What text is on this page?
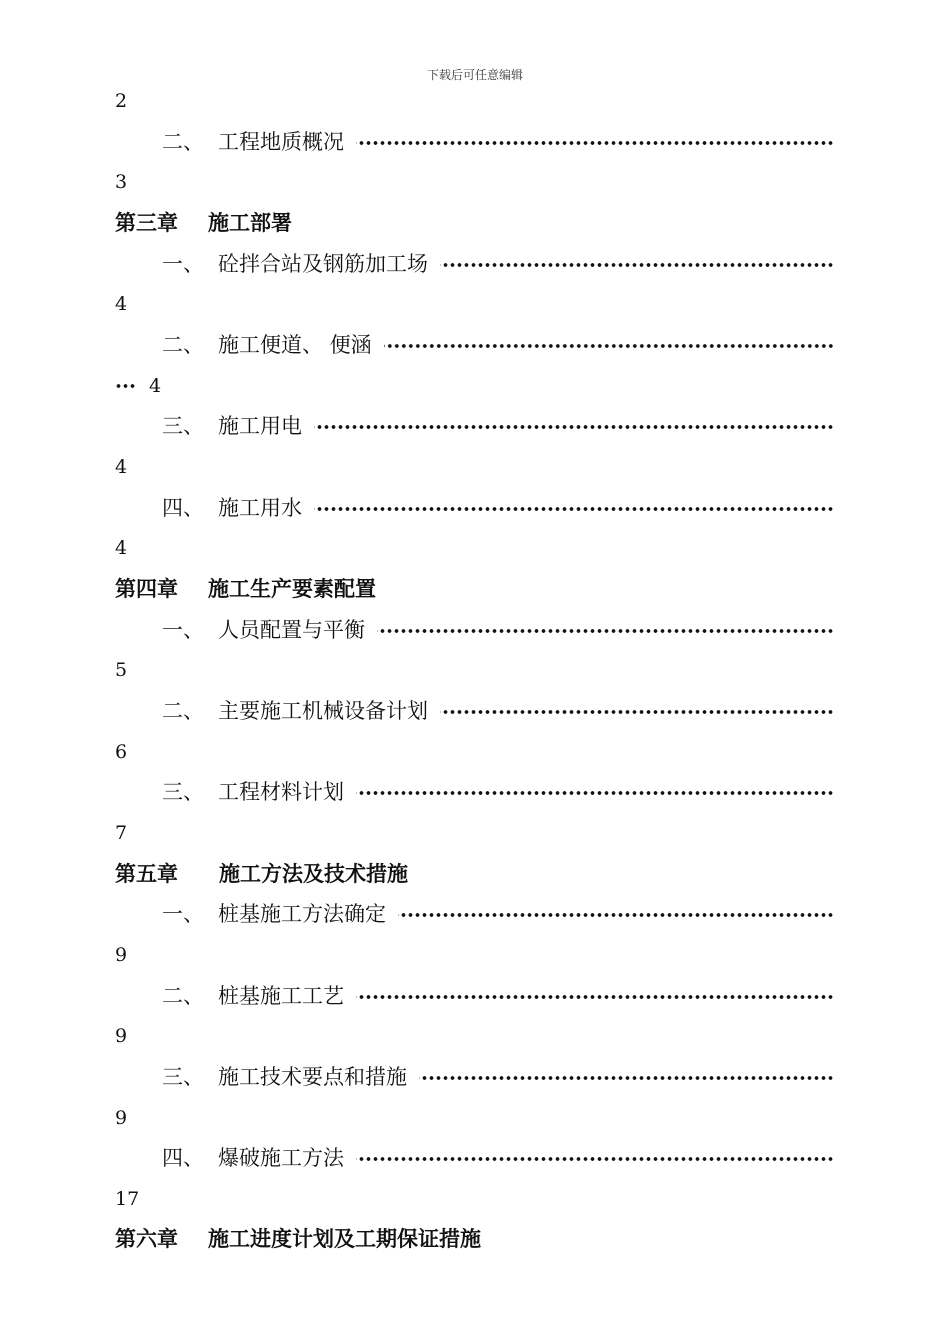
下载后可任意编辑
2
二、 工程地质概况
3
第三章 施工部署
一、 砼拌合站及钢筋加工场
4
二、 施工便道、 便涵
4
三、 施工用电
4
四、 施工用水
4
第四章 施工生产要素配置
一、 人员配置与平衡
5
二、 主要施工机械设备计划
6
三、 工程材料计划
7
第五章 施工方法及技术措施
一、 桩基施工方法确定
9
二、 桩基施工工艺
9
三、 施工技术要点和措施
9
四、 爆破施工方法
17
第六章 施工进度计划及工期保证措施
